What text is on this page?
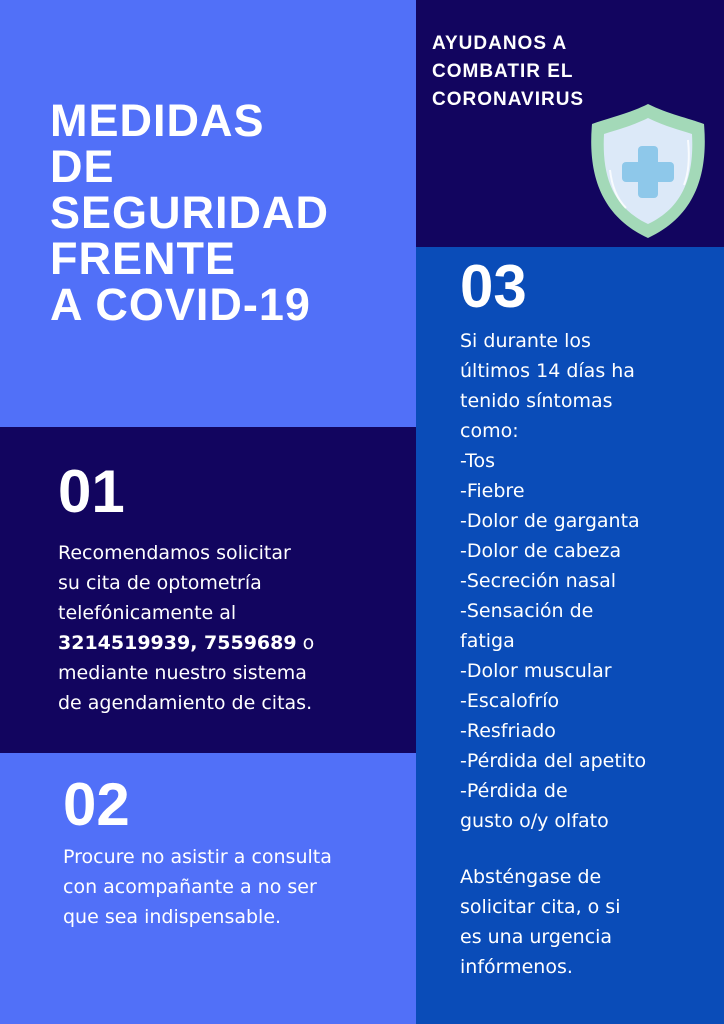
MEDIDAS
DE
SEGURIDAD
FRENTE
A COVID-19
01
Recomendamos solicitar
su cita de optometría
telefónicamente al
3214519939, 7559689 o
mediante nuestro sistema
de agendamiento de citas.
02
Procure no asistir a consulta
con acompañante a no ser
que sea indispensable.
AYUDANOS A
COMBATIR EL
CORONAVIRUS
03
Si durante los
últimos 14 días ha
tenido síntomas
como:
-Tos
-Fiebre
-Dolor de garganta
-Dolor de cabeza
-Secreción nasal
-Sensación de
fatiga
-Dolor muscular
-Escalofrío
-Resfriado
-Pérdida del apetito
-Pérdida de
gusto o/y olfato
Absténgase de
solicitar cita, o si
es una urgencia
infórmenos.
